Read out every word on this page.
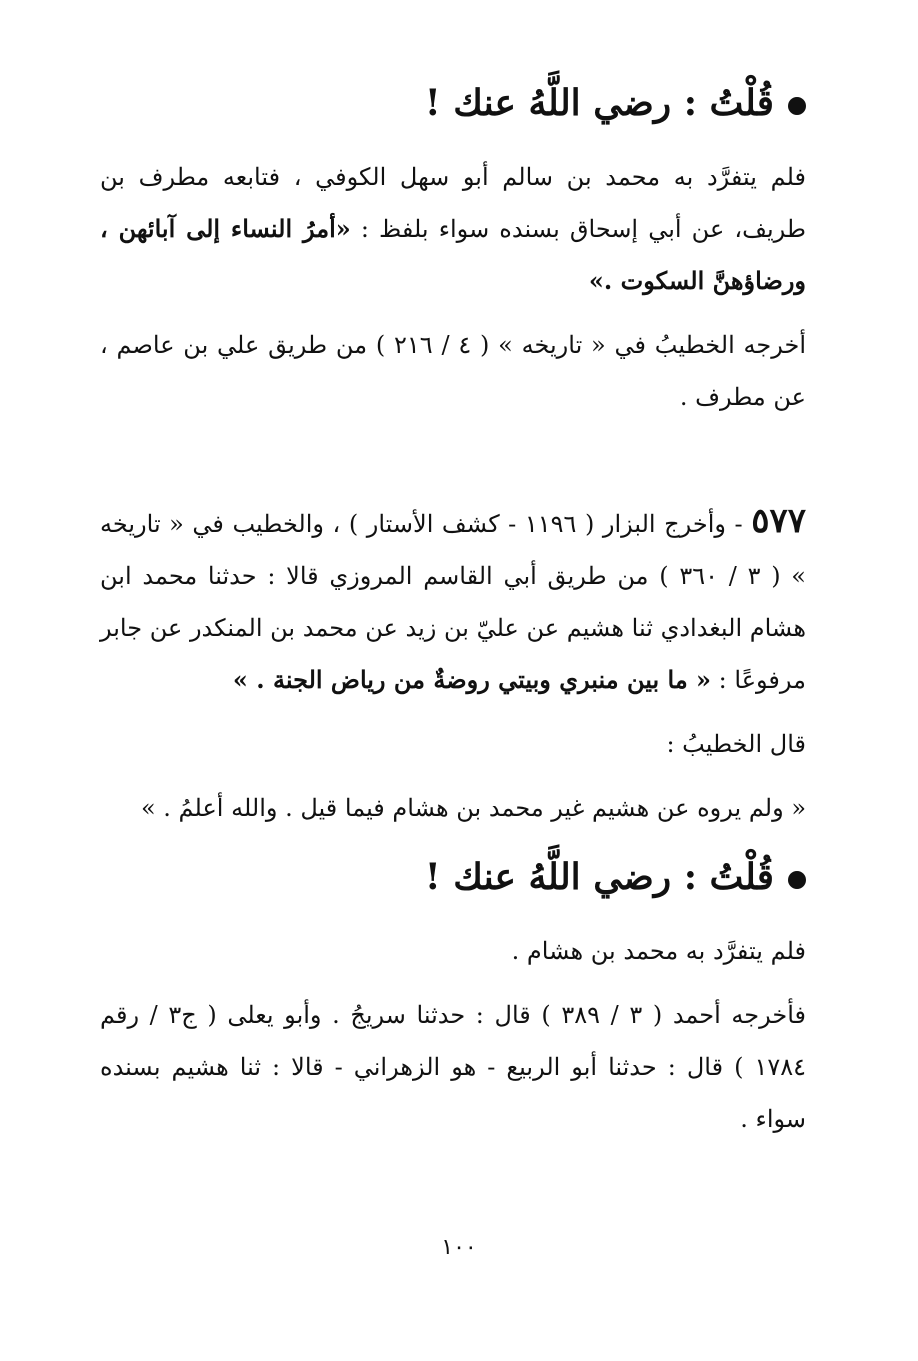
قُلْتُ : رضي اللَّهُ عنك !

فلم يتفرَّد به محمد بن سالم أبو سهل الكوفي ، فتابعه مطرف بن طريف، عن أبي إسحاق بسنده سواء بلفظ : «أمرُ النساء إلى آبائهن ، ورضاؤهنَّ السكوت .»

أخرجه الخطيبُ في « تاريخه » ( ٤ / ٢١٦ ) من طريق علي بن عاصم ، عن مطرف .

٥٧٧ - وأخرج البزار ( ١١٩٦ - كشف الأستار ) ، والخطيب في « تاريخه » ( ٣ / ٣٦٠ ) من طريق أبي القاسم المروزي قالا : حدثنا محمد ابن هشام البغدادي ثنا هشيم عن عليّ بن زيد عن محمد بن المنكدر عن جابر مرفوعًا : « ما بين منبري وبيتي روضةٌ من رياض الجنة . »

قال الخطيبُ :

« ولم يروه عن هشيم غير محمد بن هشام فيما قيل . والله أعلمُ . »

قُلْتُ : رضي اللَّهُ عنك !

فلم يتفرَّد به محمد بن هشام .

فأخرجه أحمد ( ٣ / ٣٨٩ ) قال : حدثنا سريجُ . وأبو يعلى ( ج٣ / رقم ١٧٨٤ ) قال : حدثنا أبو الربيع - هو الزهراني - قالا : ثنا هشيم بسنده سواء .

١٠٠
